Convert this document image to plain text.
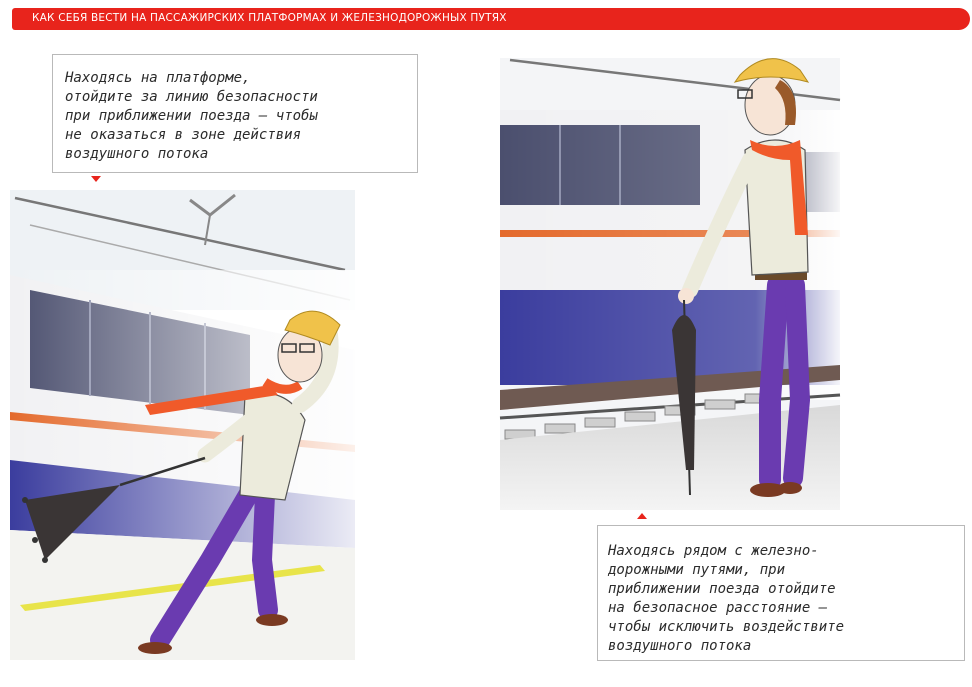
КАК СЕБЯ ВЕСТИ НА ПАССАЖИРСКИХ ПЛАТФОРМАХ И ЖЕЛЕЗНОДОРОЖНЫХ ПУТЯХ
Находясь на платформе,
отойдите за линию безопасности
при приближении поезда – чтобы
не оказаться в зоне действия
воздушного потока
Находясь рядом с железно-
дорожными путями, при
приближении поезда отойдите
на безопасное расстояние –
чтобы исключить воздействите
воздушного потока
